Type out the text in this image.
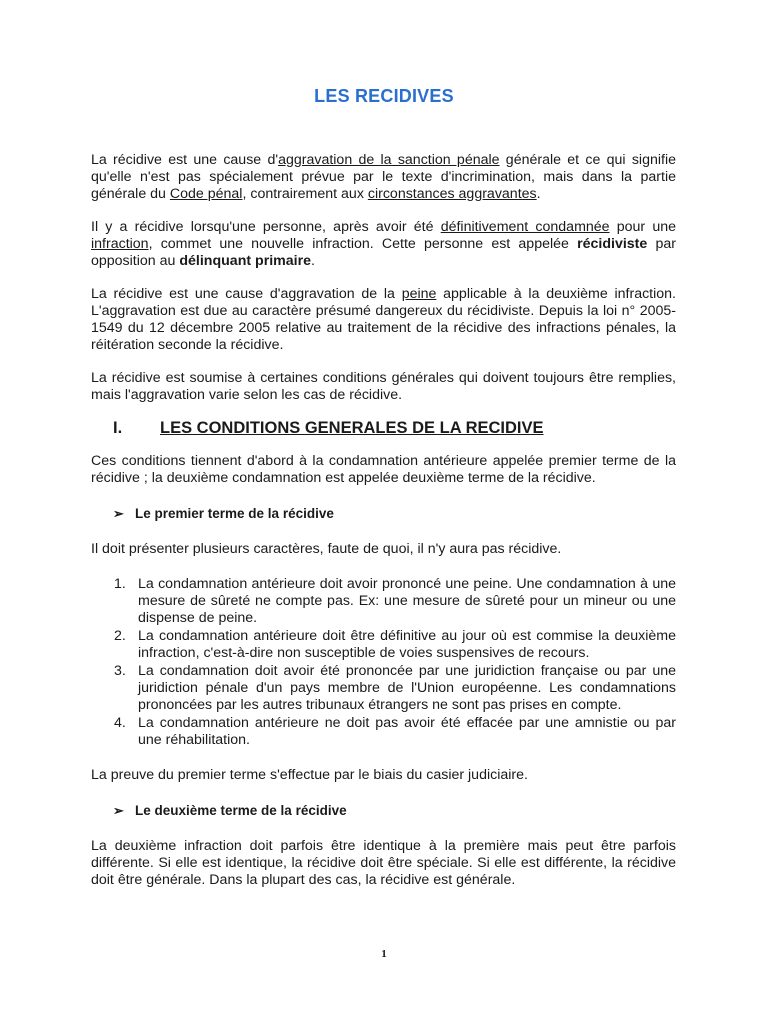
LES RECIDIVES

La récidive est une cause d'aggravation de la sanction pénale générale et ce qui signifie qu'elle n'est pas spécialement prévue par le texte d'incrimination, mais dans la partie générale du Code pénal, contrairement aux circonstances aggravantes.

Il y a récidive lorsqu'une personne, après avoir été définitivement condamnée pour une infraction, commet une nouvelle infraction. Cette personne est appelée récidiviste par opposition au délinquant primaire.

La récidive est une cause d'aggravation de la peine applicable à la deuxième infraction. L'aggravation est due au caractère présumé dangereux du récidiviste. Depuis la loi n° 2005-1549 du 12 décembre 2005 relative au traitement de la récidive des infractions pénales, la réitération seconde la récidive.

La récidive est soumise à certaines conditions générales qui doivent toujours être remplies, mais l'aggravation varie selon les cas de récidive.

I.	LES CONDITIONS GENERALES DE LA RECIDIVE

Ces conditions tiennent d'abord à la condamnation antérieure appelée premier terme de la récidive ; la deuxième condamnation est appelée deuxième terme de la récidive.

➢ Le premier terme de la récidive

Il doit présenter plusieurs caractères, faute de quoi, il n'y aura pas récidive.

1. La condamnation antérieure doit avoir prononcé une peine. Une condamnation à une mesure de sûreté ne compte pas. Ex: une mesure de sûreté pour un mineur ou une dispense de peine.
2. La condamnation antérieure doit être définitive au jour où est commise la deuxième infraction, c'est-à-dire non susceptible de voies suspensives de recours.
3. La condamnation doit avoir été prononcée par une juridiction française ou par une juridiction pénale d'un pays membre de l'Union européenne. Les condamnations prononcées par les autres tribunaux étrangers ne sont pas prises en compte.
4. La condamnation antérieure ne doit pas avoir été effacée par une amnistie ou par une réhabilitation.

La preuve du premier terme s'effectue par le biais du casier judiciaire.

➢ Le deuxième terme de la récidive

La deuxième infraction doit parfois être identique à la première mais peut être parfois différente. Si elle est identique, la récidive doit être spéciale. Si elle est différente, la récidive doit être générale. Dans la plupart des cas, la récidive est générale.

1
